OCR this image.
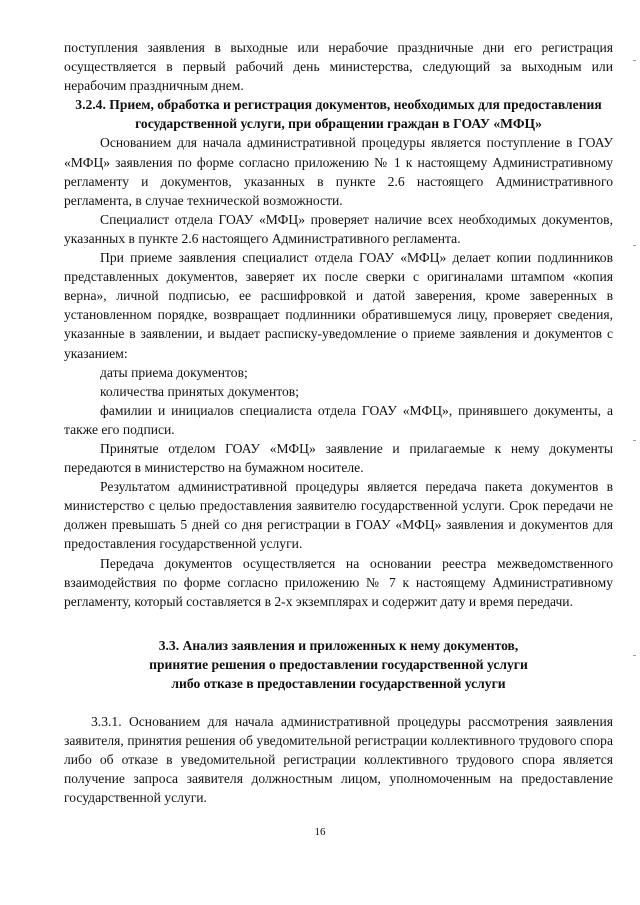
поступления заявления в выходные или нерабочие праздничные дни его регистрация осуществляется в первый рабочий день министерства, следующий за выходным или нерабочим праздничным днем.

3.2.4. Прием, обработка и регистрация документов, необходимых для предоставления государственной услуги, при обращении граждан в ГОАУ «МФЦ»

Основанием для начала административной процедуры является поступление в ГОАУ «МФЦ» заявления по форме согласно приложению № 1 к настоящему Административному регламенту и документов, указанных в пункте 2.6 настоящего Административного регламента, в случае технической возможности.

Специалист отдела ГОАУ «МФЦ» проверяет наличие всех необходимых документов, указанных в пункте 2.6 настоящего Административного регламента.

При приеме заявления специалист отдела ГОАУ «МФЦ» делает копии подлинников представленных документов, заверяет их после сверки с оригиналами штампом «копия верна», личной подписью, ее расшифровкой и датой заверения, кроме заверенных в установленном порядке, возвращает подлинники обратившемуся лицу, проверяет сведения, указанные в заявлении, и выдает расписку-уведомление о приеме заявления и документов с указанием:

даты приема документов;

количества принятых документов;

фамилии и инициалов специалиста отдела ГОАУ «МФЦ», принявшего документы, а также его подписи.

Принятые отделом ГОАУ «МФЦ» заявление и прилагаемые к нему документы передаются в министерство на бумажном носителе.

Результатом административной процедуры является передача пакета документов в министерство с целью предоставления заявителю государственной услуги. Срок передачи не должен превышать 5 дней со дня регистрации в ГОАУ «МФЦ» заявления и документов для предоставления государственной услуги.

Передача документов осуществляется на основании реестра межведомственного взаимодействия по форме согласно приложению № 7 к настоящему Административному регламенту, который составляется в 2-х экземплярах и содержит дату и время передачи.

3.3. Анализ заявления и приложенных к нему документов,
принятие решения о предоставлении государственной услуги
либо отказе в предоставлении государственной услуги

3.3.1. Основанием для начала административной процедуры рассмотрения заявления заявителя, принятия решения об уведомительной регистрации коллективного трудового спора либо об отказе в уведомительной регистрации коллективного трудового спора является получение запроса заявителя должностным лицом, уполномоченным на предоставление государственной услуги.

16
